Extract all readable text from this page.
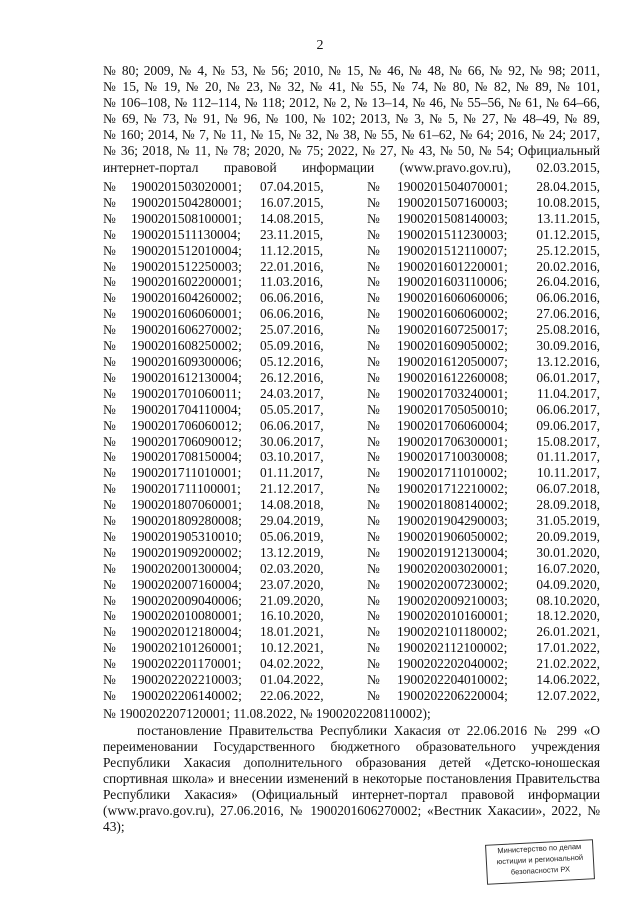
2
№ 80; 2009, № 4, № 53, № 56; 2010, № 15, № 46, № 48, № 66, № 92, № 98; 2011,
№ 15, № 19, № 20, № 23, № 32, № 41, № 55, № 74, № 80, № 82, № 89, № 101,
№ 106–108, № 112–114, № 118; 2012, № 2, № 13–14, № 46, № 55–56, № 61, № 64–66,
№ 69, № 73, № 91, № 96, № 100, № 102; 2013, № 3, № 5, № 27, № 48–49, № 89,
№ 160; 2014, № 7, № 11, № 15, № 32, № 38, № 55, № 61–62, № 64; 2016, № 24; 2017,
№ 36; 2018, № 11, № 78; 2020, № 75; 2022, № 27, № 43, № 50, № 54; Официальный
интернет-портал правовой информации (www.pravo.gov.ru), 02.03.2015,
№ 1900201503020001; 07.04.2015,	№ 1900201504070001; 28.04.2015,
№ 1900201504280001; 16.07.2015,	№ 1900201507160003; 10.08.2015,
№ 1900201508100001; 14.08.2015,	№ 1900201508140003; 13.11.2015,
№ 1900201511130004; 23.11.2015,	№ 1900201511230003; 01.12.2015,
№ 1900201512010004; 11.12.2015,	№ 1900201512110007; 25.12.2015,
№ 1900201512250003; 22.01.2016,	№ 1900201601220001; 20.02.2016,
№ 1900201602200001; 11.03.2016,	№ 1900201603110006; 26.04.2016,
№ 1900201604260002; 06.06.2016,	№ 1900201606060006; 06.06.2016,
№ 1900201606060001; 06.06.2016,	№ 1900201606060002; 27.06.2016,
№ 1900201606270002; 25.07.2016,	№ 1900201607250017; 25.08.2016,
№ 1900201608250002; 05.09.2016,	№ 1900201609050002; 30.09.2016,
№ 1900201609300006; 05.12.2016,	№ 1900201612050007; 13.12.2016,
№ 1900201612130004; 26.12.2016,	№ 1900201612260008; 06.01.2017,
№ 1900201701060011; 24.03.2017,	№ 1900201703240001; 11.04.2017,
№ 1900201704110004; 05.05.2017,	№ 1900201705050010; 06.06.2017,
№ 1900201706060012; 06.06.2017,	№ 1900201706060004; 09.06.2017,
№ 1900201706090012; 30.06.2017,	№ 1900201706300001; 15.08.2017,
№ 1900201708150004; 03.10.2017,	№ 1900201710030008; 01.11.2017,
№ 1900201711010001; 01.11.2017,	№ 1900201711010002; 10.11.2017,
№ 1900201711100001; 21.12.2017,	№ 1900201712210002; 06.07.2018,
№ 1900201807060001; 14.08.2018,	№ 1900201808140002; 28.09.2018,
№ 1900201809280008; 29.04.2019,	№ 1900201904290003; 31.05.2019,
№ 1900201905310010; 05.06.2019,	№ 1900201906050002; 20.09.2019,
№ 1900201909200002; 13.12.2019,	№ 1900201912130004; 30.01.2020,
№ 1900202001300004; 02.03.2020,	№ 1900202003020001; 16.07.2020,
№ 1900202007160004; 23.07.2020,	№ 1900202007230002; 04.09.2020,
№ 1900202009040006; 21.09.2020,	№ 1900202009210003; 08.10.2020,
№ 1900202010080001; 16.10.2020,	№ 1900202010160001; 18.12.2020,
№ 1900202012180004; 18.01.2021,	№ 1900202101180002; 26.01.2021,
№ 1900202101260001; 10.12.2021,	№ 1900202112100002; 17.01.2022,
№ 1900202201170001; 04.02.2022,	№ 1900202202040002; 21.02.2022,
№ 1900202202210003; 01.04.2022,	№ 1900202204010002; 14.06.2022,
№ 1900202206140002; 22.06.2022,	№ 1900202206220004; 12.07.2022,
№ 1900202207120001; 11.08.2022, № 1900202208110002);
постановление Правительства Республики Хакасия от 22.06.2016 № 299 «О переименовании Государственного бюджетного образовательного учреждения Республики Хакасия дополнительного образования детей «Детско-юношеская спортивная школа» и внесении изменений в некоторые постановления Правительства Республики Хакасия» (Официальный интернет-портал правовой информации (www.pravo.gov.ru), 27.06.2016, № 1900201606270002; «Вестник Хакасии», 2022, № 43);
Министерство по делам
юстиции и региональной
безопасности РХ
